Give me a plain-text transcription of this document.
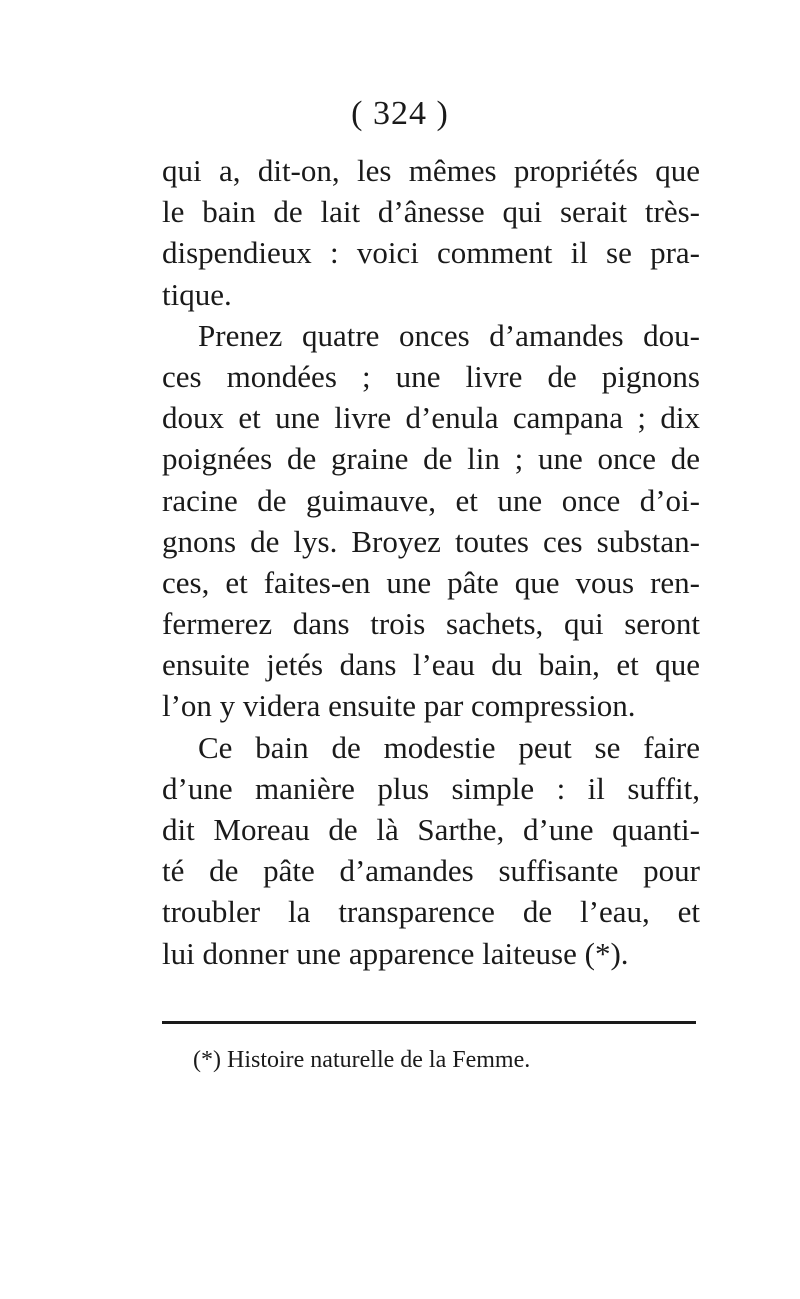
( 324 )
qui a, dit-on, les mêmes propriétés que
le bain de lait d’ânesse qui serait très-
dispendieux : voici comment il se pra-
tique.
Prenez quatre onces d’amandes dou-
ces mondées ; une livre de pignons
doux et une livre d’enula campana ; dix
poignées de graine de lin ; une once de
racine de guimauve, et une once d’oi-
gnons de lys. Broyez toutes ces substan-
ces, et faites-en une pâte que vous ren-
fermerez dans trois sachets, qui seront
ensuite jetés dans l’eau du bain, et que
l’on y videra ensuite par compression.
Ce bain de modestie peut se faire
d’une manière plus simple : il suffit,
dit Moreau de là Sarthe, d’une quanti-
té de pâte d’amandes suffisante pour
troubler la transparence de l’eau, et
lui donner une apparence laiteuse (*).
(*) Histoire naturelle de la Femme.
